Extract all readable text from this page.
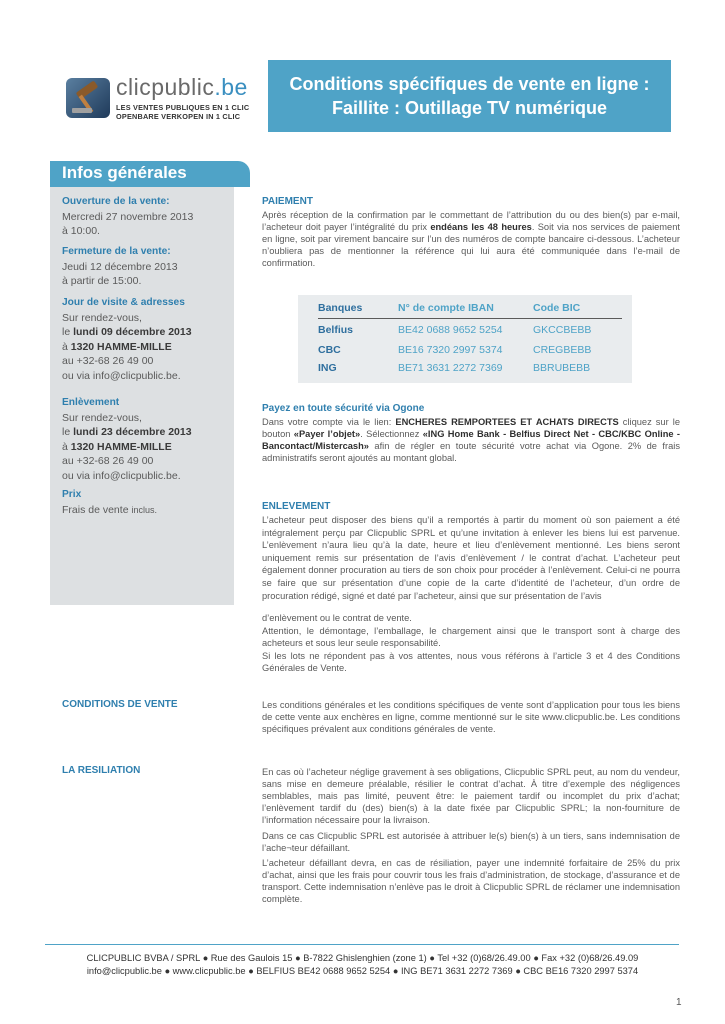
clicpublic.be
LES VENTES PUBLIQUES EN 1 CLIC
OPENBARE VERKOPEN IN 1 CLIC
Conditions spécifiques de vente en ligne :
Faillite : Outillage TV numérique
Infos générales
Ouverture de la vente:
Mercredi 27 novembre 2013
à 10:00.
Fermeture de la vente:
Jeudi 12 décembre 2013
à partir de 15:00.
Jour de visite & adresses
Sur rendez-vous,
le lundi 09 décembre 2013
à 1320 HAMME-MILLE
au +32-68 26 49 00
ou via info@clicpublic.be.
Enlèvement
Sur rendez-vous,
le lundi 23 décembre 2013
à 1320 HAMME-MILLE
au +32-68 26 49 00
ou via info@clicpublic.be.
Prix
Frais de vente inclus.
PAIEMENT
Après réception de la confirmation par le commettant de l’attribution du ou des bien(s) par e-mail, l’acheteur doit payer l’intégralité du prix endéans les 48 heures. Soit via nos services de paiement en ligne, soit par virement bancaire sur l’un des numéros de compte bancaire ci-dessous. L’acheteur n’oubliera pas de mentionner la référence qui lui aura été communiquée dans l’e-mail de confirmation.
Banques	N° de compte IBAN	Code BIC
Belfius	BE42 0688 9652 5254	GKCCBEBB
CBC	BE16 7320 2997 5374	CREGBEBB
ING	BE71 3631 2272 7369	BBRUBEBB
Payez en toute sécurité via Ogone
Dans votre compte via le lien: ENCHERES REMPORTEES ET ACHATS DIRECTS cliquez sur le bouton «Payer l’objet». Sélectionnez «ING Home Bank - Belfius Direct Net - CBC/KBC Online - Bancontact/Mistercash» afin de régler en toute sécurité votre achat via Ogone. 2% de frais administratifs seront ajoutés au montant global.
ENLEVEMENT
L’acheteur peut disposer des biens qu’il a remportés à partir du moment où son paiement a été intégralement perçu par Clicpublic SPRL et qu’une invitation à enlever les biens lui est parvenue. L’enlèvement n’aura lieu qu’à la date, heure et lieu d’enlèvement mentionné. Les biens seront uniquement remis sur présentation de l’avis d’enlèvement / le contrat d’achat. L’acheteur peut également donner procuration au tiers de son choix pour procéder à l’enlèvement. Celui-ci ne pourra se faire que sur présentation d’une copie de la carte d’identité de l’acheteur, d’un ordre de procuration rédigé, signé et daté par l’acheteur, ainsi que sur présentation de l’avis
d’enlèvement ou le contrat de vente.
Attention, le démontage, l’emballage, le chargement ainsi que le transport sont à charge des acheteurs et sous leur seule responsabilité.
Si les lots ne répondent pas à vos attentes, nous vous référons à l’article 3 et 4 des Conditions Générales de Vente.
CONDITIONS DE VENTE	Les conditions générales et les conditions spécifiques de vente sont d’application pour tous les biens de cette vente aux enchères en ligne, comme mentionné sur le site www.clicpublic.be. Les conditions spécifiques prévalent aux conditions générales de vente.
LA RESILIATION	En cas où l’acheteur néglige gravement à ses obligations, Clicpublic SPRL peut, au nom du vendeur, sans mise en demeure préalable, résilier le contrat d’achat. À titre d’exemple des négligences semblables, mais pas limité, peuvent être: le paiement tardif ou incomplet du prix d’achat; l’enlèvement tardif du (des) bien(s) à la date fixée par Clicpublic SPRL; la non-fourniture de l’information nécessaire pour la livraison.
Dans ce cas Clicpublic SPRL est autorisée à attribuer le(s) bien(s) à un tiers, sans indemnisation de l’ache¬teur défaillant.
L’acheteur défaillant devra, en cas de résiliation, payer une indemnité forfaitaire de 25% du prix d’achat, ainsi que les frais pour couvrir tous les frais d’administration, de stockage, d’assurance et de transport. Cette indemnisation n’enlève pas le droit à Clicpublic SPRL de réclamer une indemnisation complète.
CLICPUBLIC BVBA / SPRL ● Rue des Gaulois 15 ● B-7822 Ghislenghien (zone 1) ● Tel +32 (0)68/26.49.00 ● Fax +32 (0)68/26.49.09
info@clicpublic.be ● www.clicpublic.be ● BELFIUS BE42 0688 9652 5254 ● ING BE71 3631 2272 7369 ● CBC BE16 7320 2997 5374
1
